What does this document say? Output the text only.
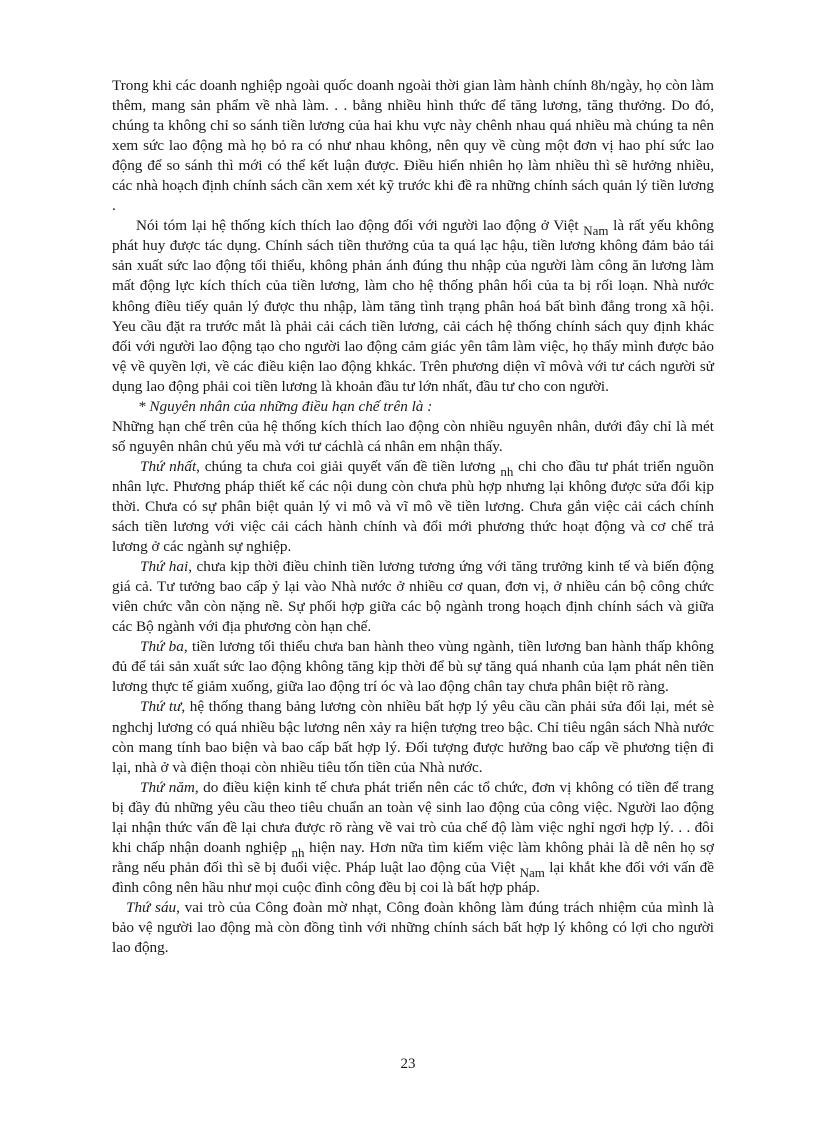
Trong khi các doanh nghiệp ngoài quốc doanh ngoài thời gian làm hành chính 8h/ngày, họ còn làm thêm, mang sản phẩm về nhà làm. . . bằng nhiều hình thức để tăng lương, tăng thưởng. Do đó, chúng ta không chỉ so sánh tiền lương của hai khu vực này chênh nhau quá nhiều mà chúng ta nên xem sức lao động mà họ bỏ ra có như nhau không, nên quy về cùng một đơn vị hao phí sức lao động để so sánh thì mới có thể kết luận được. Điều hiển nhiên họ làm nhiều thì sẽ hưởng nhiều, các nhà hoạch định chính sách cần xem xét kỹ trước khi đề ra những chính sách quản lý tiền lương .

Nói tóm lại hệ thống kích thích lao động đối với người lao động ở Việt Nam là rất yếu không phát huy được tác dụng. Chính sách tiền thưởng của ta quá lạc hậu, tiền lương không đảm bảo tái sản xuất sức lao động tối thiểu, không phản ánh đúng thu nhập của người làm công ăn lương làm mất động lực kích thích của tiền lương, làm cho hệ thống phân hối của ta bị rối loạn. Nhà nước không điều tiếy quản lý được thu nhập, làm tăng tình trạng phân hoá bất bình đẳng trong xã hội. Yeu cầu đặt ra trước mắt là phải cải cách tiền lương, cải cách hệ thống chính sách quy định khác đối với người lao động tạo cho người lao động cảm giác yên tâm làm việc, họ thấy mình được bảo vệ về quyền lợi, về các điều kiện lao động khkác. Trên phương diện vĩ môvà với tư cách người sử dụng lao động phải coi tiền lương là khoản đầu tư lớn nhất, đầu tư cho con người.

* Nguyên nhân của những điều hạn chế trên là :

Những hạn chế trên của hệ thống kích thích lao động còn nhiều nguyên nhân, dưới đây chỉ là mét số nguyên nhân chủ yếu mà với tư cáchlà cá nhân em nhận thấy.

Thứ nhất, chúng ta chưa coi giải quyết vấn đề tiền lương nh chi cho đầu tư phát triển nguồn nhân lực. Phương pháp thiết kế các nội dung còn chưa phù hợp nhưng lại không được sửa đổi kịp thời. Chưa có sự phân biệt quản lý vi mô và vĩ mô về tiền lương. Chưa gắn việc cải cách chính sách tiền lương với việc cải cách hành chính và đổi mới phương thức hoạt động và cơ chế trả lương ở các ngành sự nghiệp.

Thứ hai, chưa kịp thời điều chỉnh tiền lương tương ứng với tăng trưởng kinh tế và biến động giá cả. Tư tưởng bao cấp ỷ lại vào Nhà nước ở nhiều cơ quan, đơn vị, ở nhiều cán bộ công chức viên chức vẫn còn nặng nề. Sự phối hợp giữa các bộ ngành trong hoạch định chính sách và giữa các Bộ ngành với địa phương còn hạn chế.

Thứ ba, tiền lương tối thiểu chưa ban hành theo vùng ngành, tiền lương ban hành thấp không đủ để tái sản xuất sức lao động không tăng kịp thời để bù sự tăng quá nhanh của lạm phát nên tiền lương thực tế giảm xuống, giữa lao động trí óc và lao động chân tay chưa phân biệt rõ ràng.

Thứ tư, hệ thống thang bảng lương còn nhiều bất hợp lý yêu cầu cần phải sửa đổi lại, mét sè nghchj lương có quá nhiều bậc lương nên xảy ra hiện tượng treo bậc. Chỉ tiêu ngân sách Nhà nước còn mang tính bao biện và bao cấp bất hợp lý. Đối tượng được hưởng bao cấp về phương tiện đi lại, nhà ở và điện thoại còn nhiều tiêu tốn tiền của Nhà nước.

Thứ năm, do điều kiện kinh tế chưa phát triển nên các tổ chức, đơn vị không có tiền để trang bị đầy đủ những yêu cầu theo tiêu chuẩn an toàn vệ sinh lao động của công việc. Người lao động lại nhận thức vấn đề lại chưa được rõ ràng về vai trò của chế độ làm việc nghỉ ngơi hợp lý. . . đôi khi chấp nhận doanh nghiệp nh hiện nay. Hơn nữa tìm kiếm việc làm không phải là dễ nên họ sợ rằng nếu phản đối thì sẽ bị đuổi việc. Pháp luật lao động của Việt Nam lại khắt khe đối với vấn đề đình công nên hầu như mọi cuộc đình công đều bị coi là bất hợp pháp.

Thứ sáu, vai trò của Công đoàn mờ nhạt, Công đoàn không làm đúng trách nhiệm của mình là bảo vệ người lao động mà còn đồng tình với những chính sách bất hợp lý không có lợi cho người lao động.

23
